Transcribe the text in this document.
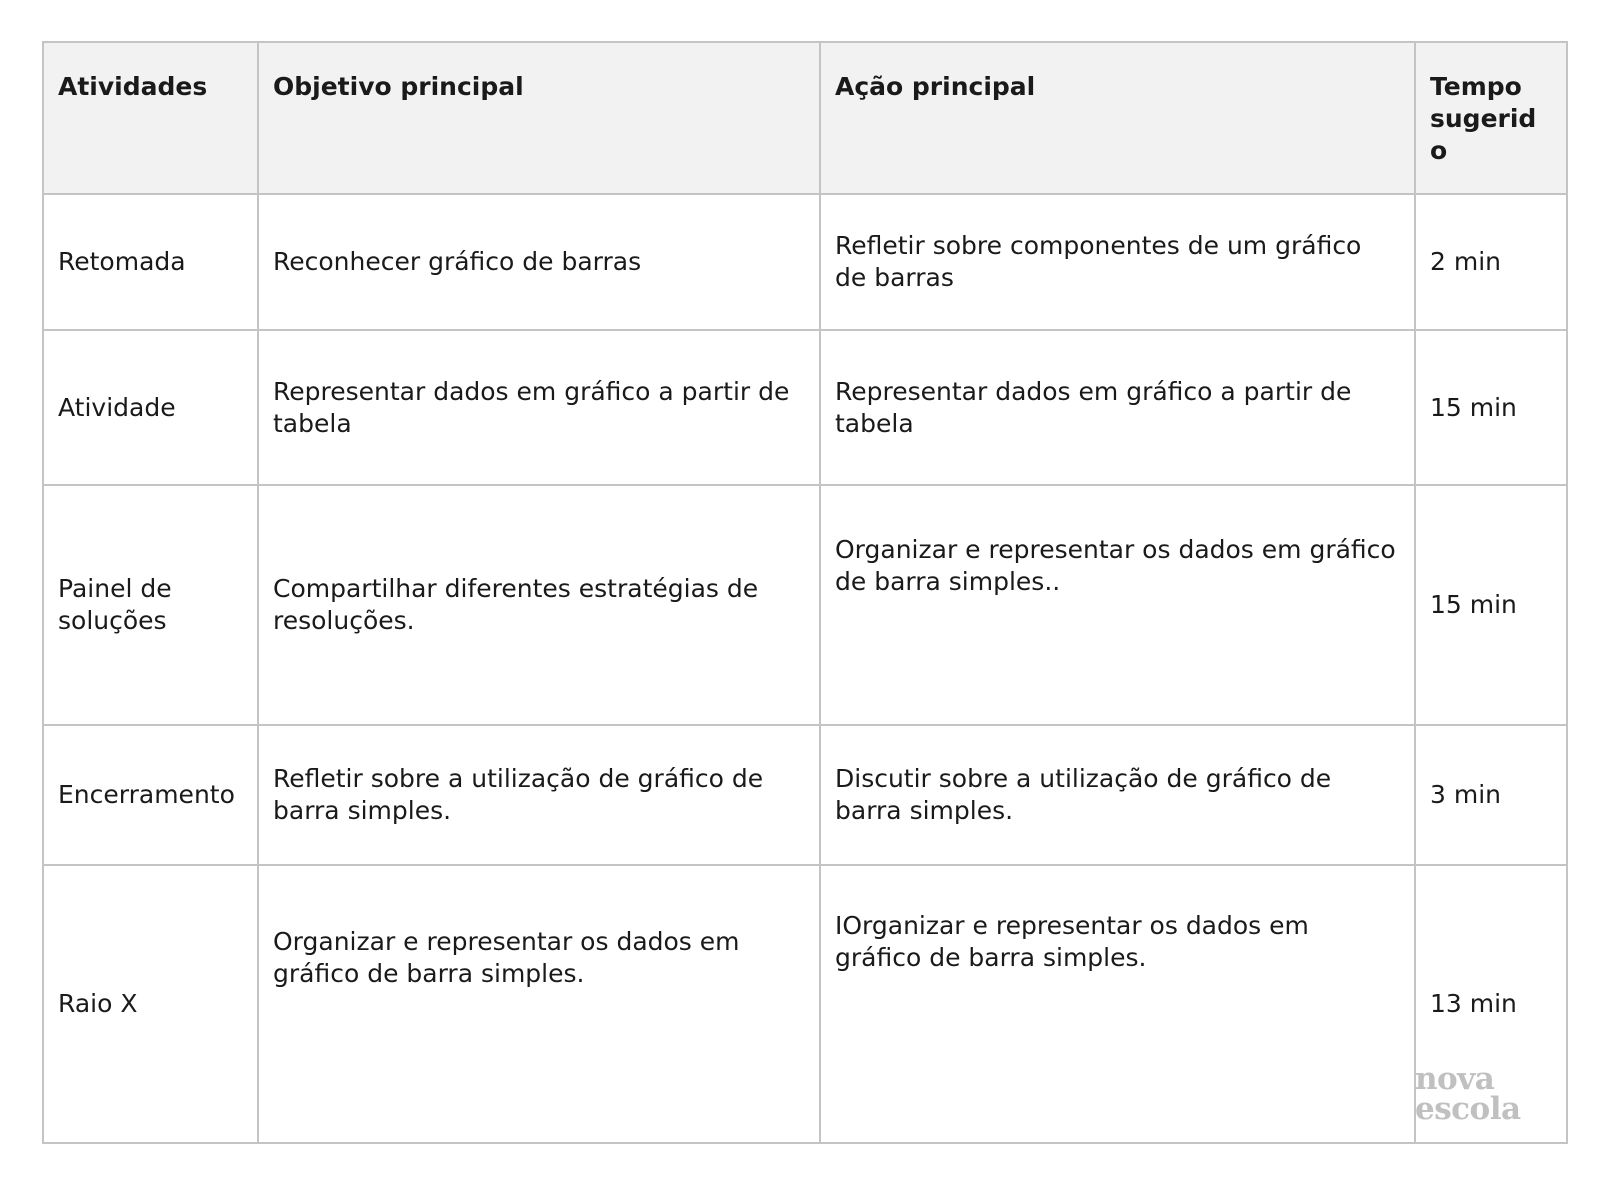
Atividades	Objetivo principal	Ação principal	Tempo sugerido
Retomada	Reconhecer gráfico de barras	Refletir sobre componentes de um gráfico de barras	2 min
Atividade	Representar dados em gráfico a partir de tabela	Representar dados em gráfico a partir de tabela	15 min
Painel de soluções	Compartilhar diferentes estratégias de resoluções.	Organizar e representar os dados em gráfico de barra simples..	15 min
Encerramento	Refletir sobre a utilização de gráfico de barra simples.	Discutir sobre a utilização de gráfico de barra simples.	3 min
Raio X	Organizar e representar os dados em gráfico de barra simples.	IOrganizar e representar os dados em gráfico de barra simples.	13 min
nova
escola
